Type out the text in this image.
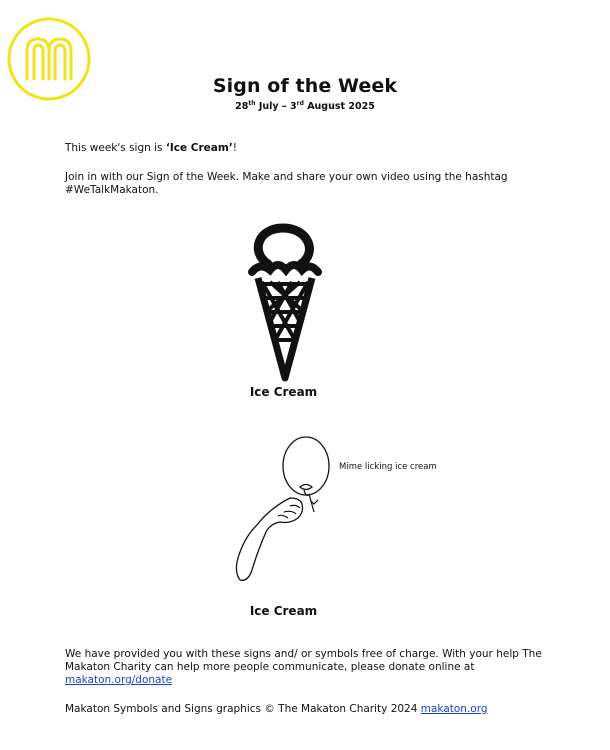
Sign of the Week
28th July – 3rd August 2025
This week's sign is ‘Ice Cream’!
Join in with our Sign of the Week. Make and share your own video using the hashtag #WeTalkMakaton.
Ice Cream
Mime licking ice cream
Ice Cream
We have provided you with these signs and/ or symbols free of charge. With your help The Makaton Charity can help more people communicate, please donate online at makaton.org/donate
Makaton Symbols and Signs graphics © The Makaton Charity 2024 makaton.org
